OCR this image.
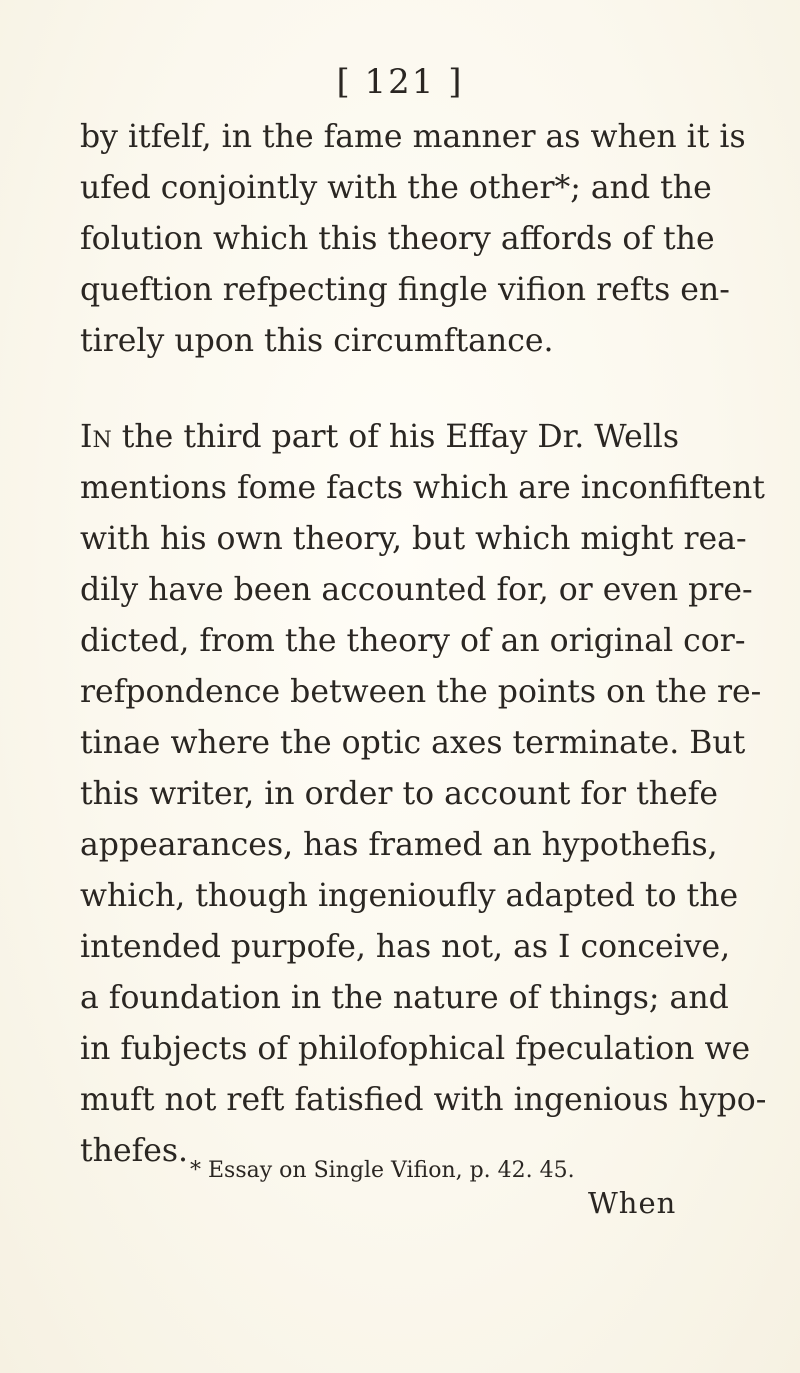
[ 121 ]

by itfelf, in the fame manner as when it is
ufed conjointly with the other*; and the
folution which this theory affords of the
queftion refpecting fingle vifion refts en-
tirely upon this circumftance.

In the third part of his Effay Dr. Wells
mentions fome facts which are inconfiftent
with his own theory, but which might rea-
dily have been accounted for, or even pre-
dicted, from the theory of an original cor-
refpondence between the points on the re-
tinae where the optic axes terminate. But
this writer, in order to account for thefe
appearances, has framed an hypothefis,
which, though ingenioufly adapted to the
intended purpofe, has not, as I conceive,
a foundation in the nature of things; and
in fubjects of philofophical fpeculation we
muft not reft fatisfied with ingenious hypo-
thefes.

* Essay on Single Vifion, p. 42. 45.
When
